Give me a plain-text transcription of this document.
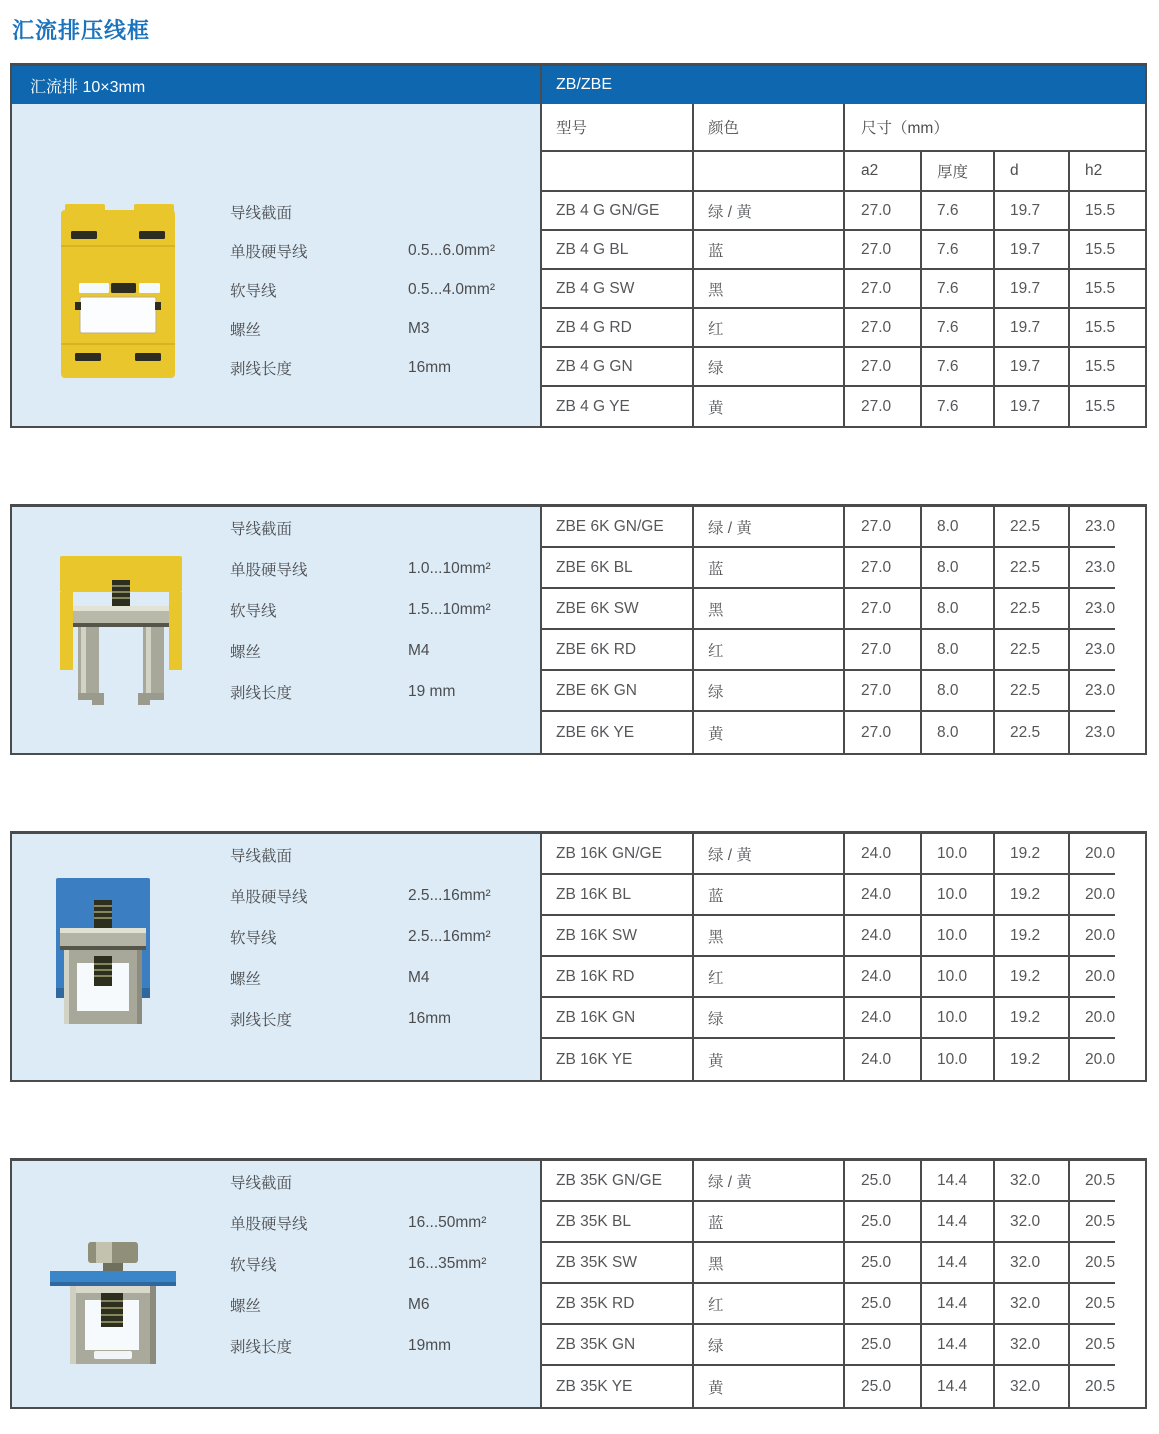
汇流排压线框
汇流排 10×3mm	ZB/ZBE
导线截面
单股硬导线	0.5...6.0mm²
软导线	0.5...4.0mm²
螺丝	M3
剥线长度	16mm
型号	颜色	尺寸（mm）
a2	厚度	d	h2
ZB 4 G GN/GE	绿 / 黄	27.0	7.6	19.7	15.5
ZB 4 G BL	蓝	27.0	7.6	19.7	15.5
ZB 4 G SW	黑	27.0	7.6	19.7	15.5
ZB 4 G RD	红	27.0	7.6	19.7	15.5
ZB 4 G GN	绿	27.0	7.6	19.7	15.5
ZB 4 G YE	黄	27.0	7.6	19.7	15.5
导线截面
单股硬导线	1.0...10mm²
软导线	1.5...10mm²
螺丝	M4
剥线长度	19 mm
ZBE 6K GN/GE	绿 / 黄	27.0	8.0	22.5	23.0
ZBE 6K BL	蓝	27.0	8.0	22.5	23.0
ZBE 6K SW	黑	27.0	8.0	22.5	23.0
ZBE 6K RD	红	27.0	8.0	22.5	23.0
ZBE 6K GN	绿	27.0	8.0	22.5	23.0
ZBE 6K YE	黄	27.0	8.0	22.5	23.0
导线截面
单股硬导线	2.5...16mm²
软导线	2.5...16mm²
螺丝	M4
剥线长度	16mm
ZB 16K GN/GE	绿 / 黄	24.0	10.0	19.2	20.0
ZB 16K BL	蓝	24.0	10.0	19.2	20.0
ZB 16K SW	黑	24.0	10.0	19.2	20.0
ZB 16K RD	红	24.0	10.0	19.2	20.0
ZB 16K GN	绿	24.0	10.0	19.2	20.0
ZB 16K YE	黄	24.0	10.0	19.2	20.0
导线截面
单股硬导线	16...50mm²
软导线	16...35mm²
螺丝	M6
剥线长度	19mm
ZB 35K GN/GE	绿 / 黄	25.0	14.4	32.0	20.5
ZB 35K BL	蓝	25.0	14.4	32.0	20.5
ZB 35K SW	黑	25.0	14.4	32.0	20.5
ZB 35K RD	红	25.0	14.4	32.0	20.5
ZB 35K GN	绿	25.0	14.4	32.0	20.5
ZB 35K YE	黄	25.0	14.4	32.0	20.5
